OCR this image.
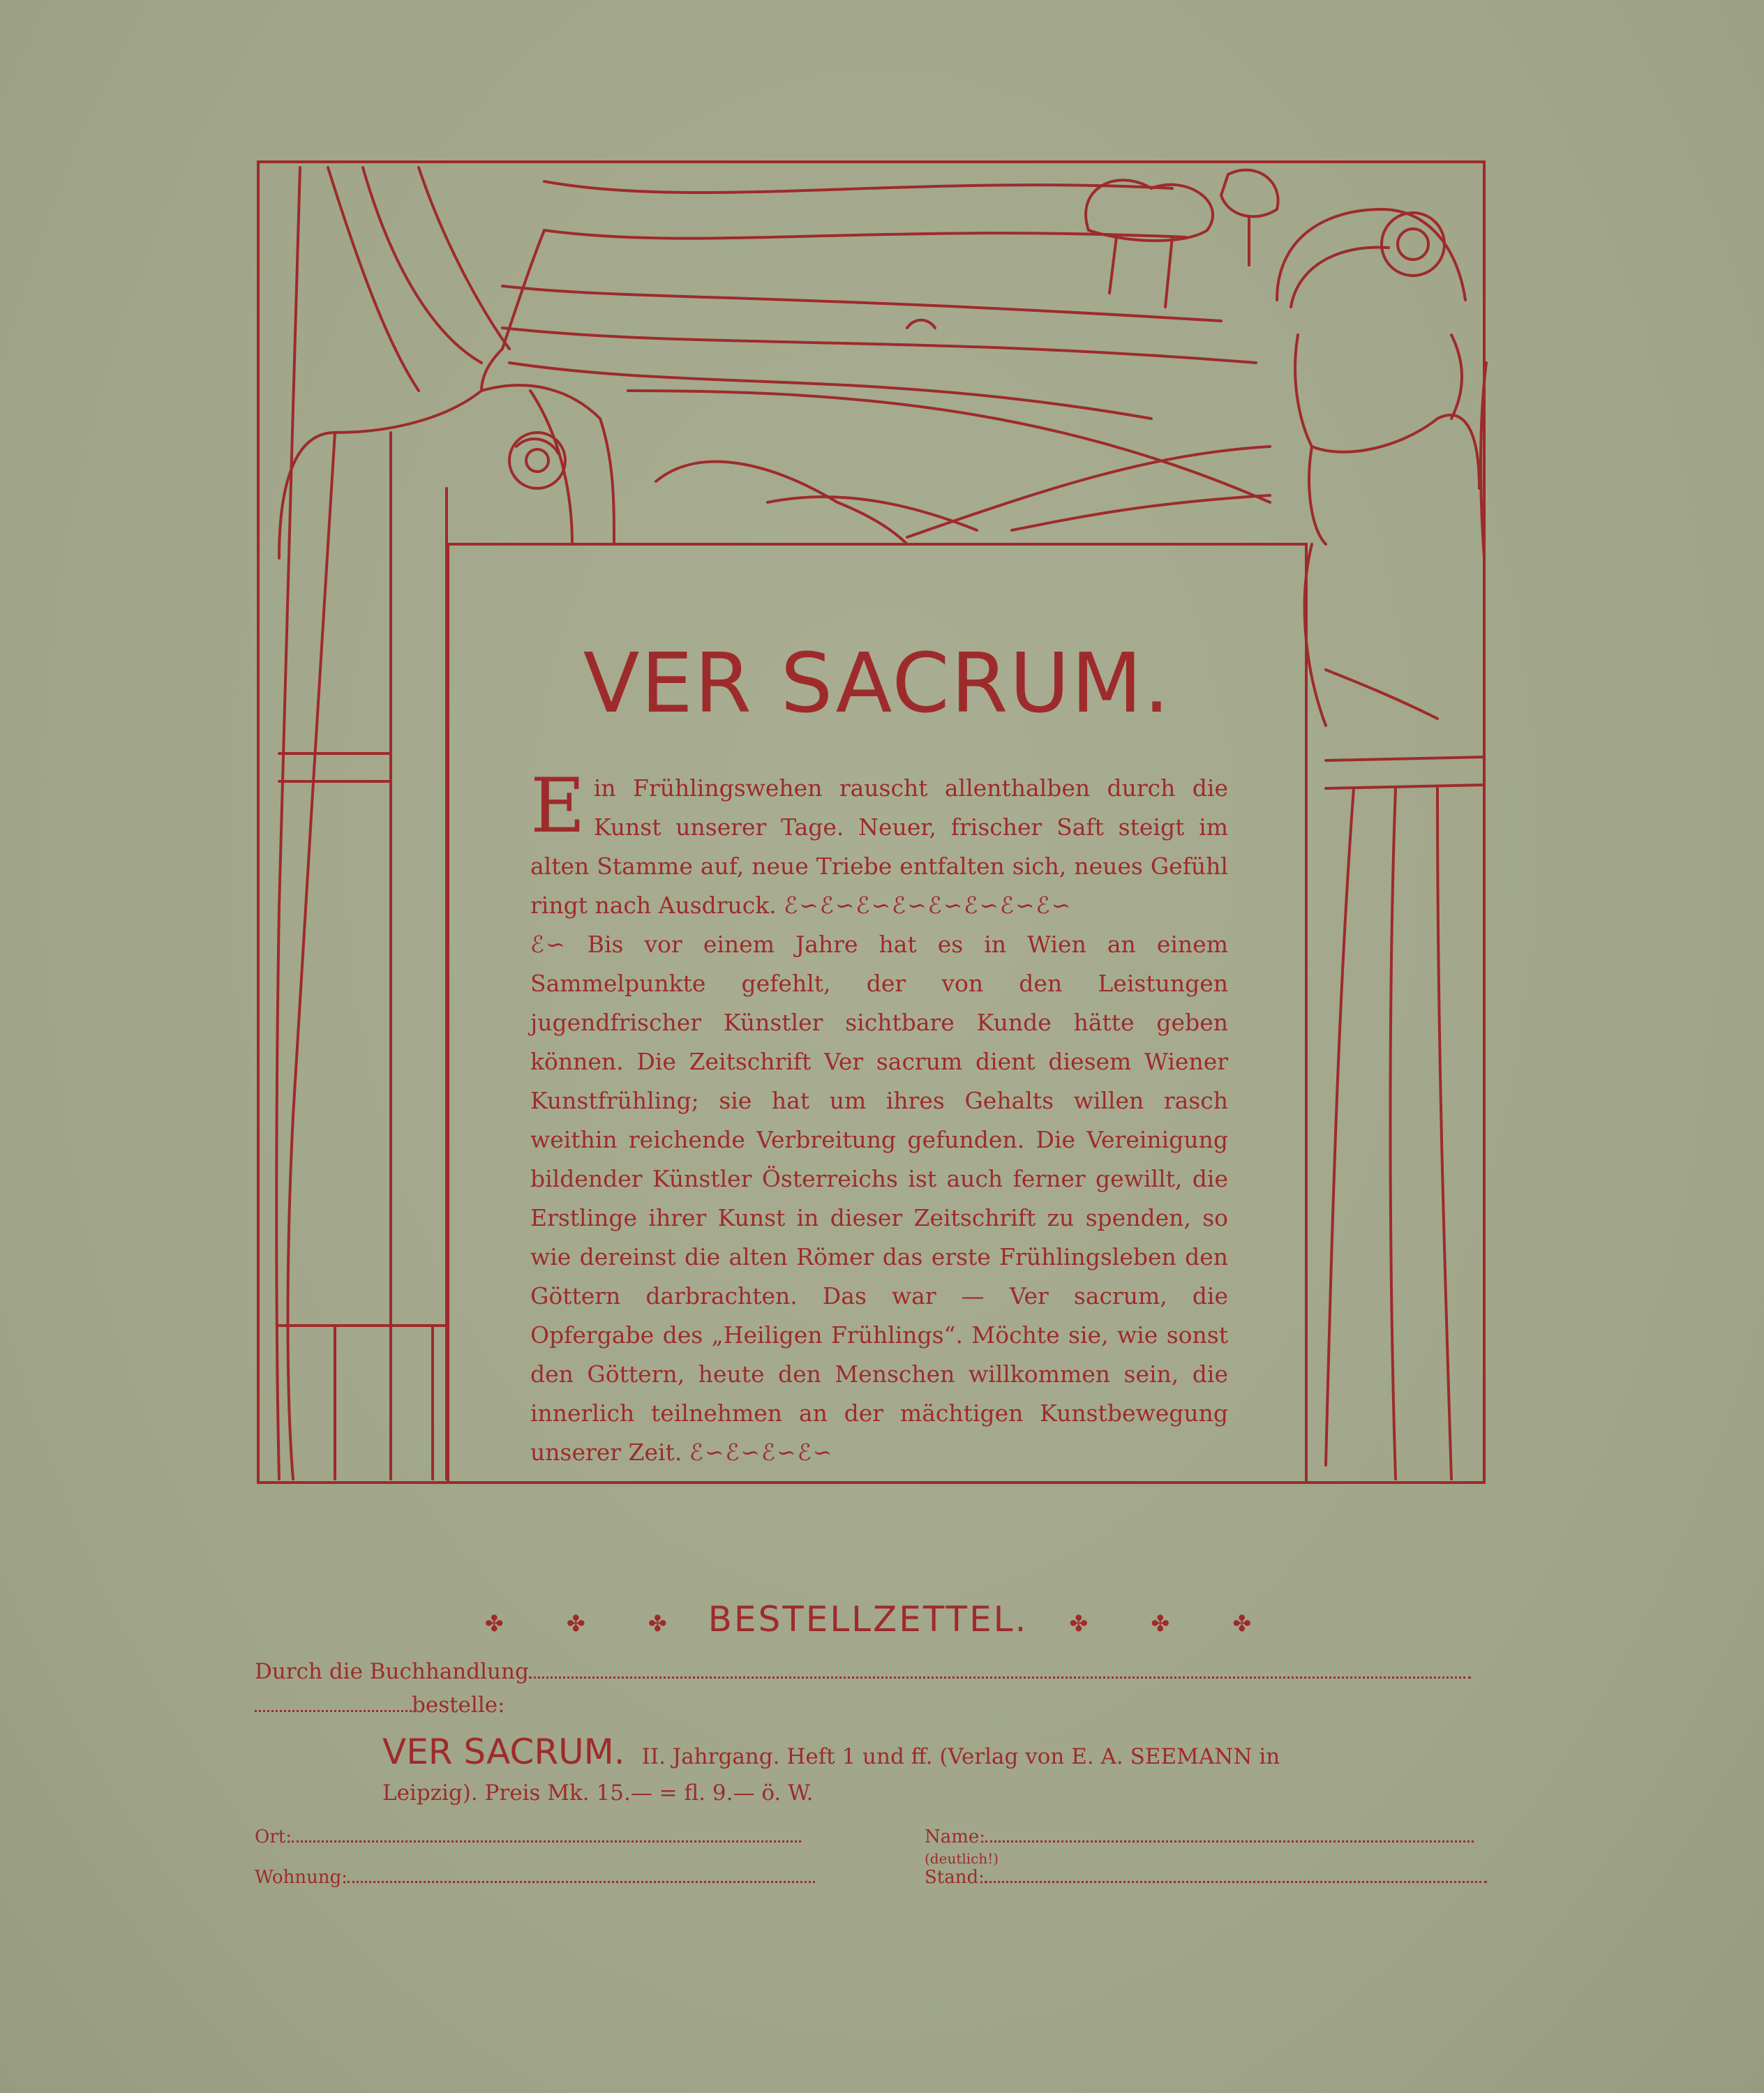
VER SACRUM.

Ein Frühlingswehen rauscht allenthalben durch die Kunst unserer Tage. Neuer, frischer Saft steigt im alten Stamme auf, neue Triebe entfalten sich, neues Gefühl ringt nach Ausdruck. ℰ∽ℰ∽ℰ∽ℰ∽ℰ∽ℰ∽ℰ∽ℰ∽

ℰ∽ Bis vor einem Jahre hat es in Wien an einem Sammelpunkte gefehlt, der von den Leistungen jugendfrischer Künstler sichtbare Kunde hätte geben können. Die Zeitschrift Ver sacrum dient diesem Wiener Kunstfrühling; sie hat um ihres Gehalts willen rasch weithin reichende Verbreitung gefunden. Die Vereinigung bildender Künstler Österreichs ist auch ferner gewillt, die Erstlinge ihrer Kunst in dieser Zeitschrift zu spenden, so wie dereinst die alten Römer das erste Frühlingsleben den Göttern darbrachten. Das war — Ver sacrum, die Opfergabe des „Heiligen Frühlings“. Möchte sie, wie sonst den Göttern, heute den Menschen willkommen sein, die innerlich teilnehmen an der mächtigen Kunstbewegung unserer Zeit. ℰ∽ℰ∽ℰ∽ℰ∽

✤ ✤ ✤ BESTELLZETTEL. ✤ ✤ ✤
Durch die Buchhandlung
bestelle:
VER SACRUM. II. Jahrgang. Heft 1 und ff. (Verlag von E. A. SEEMANN in
Leipzig). Preis Mk. 15.— = fl. 9.— ö. W.
Ort:
Wohnung:
Name:
(deutlich!)
Stand:
